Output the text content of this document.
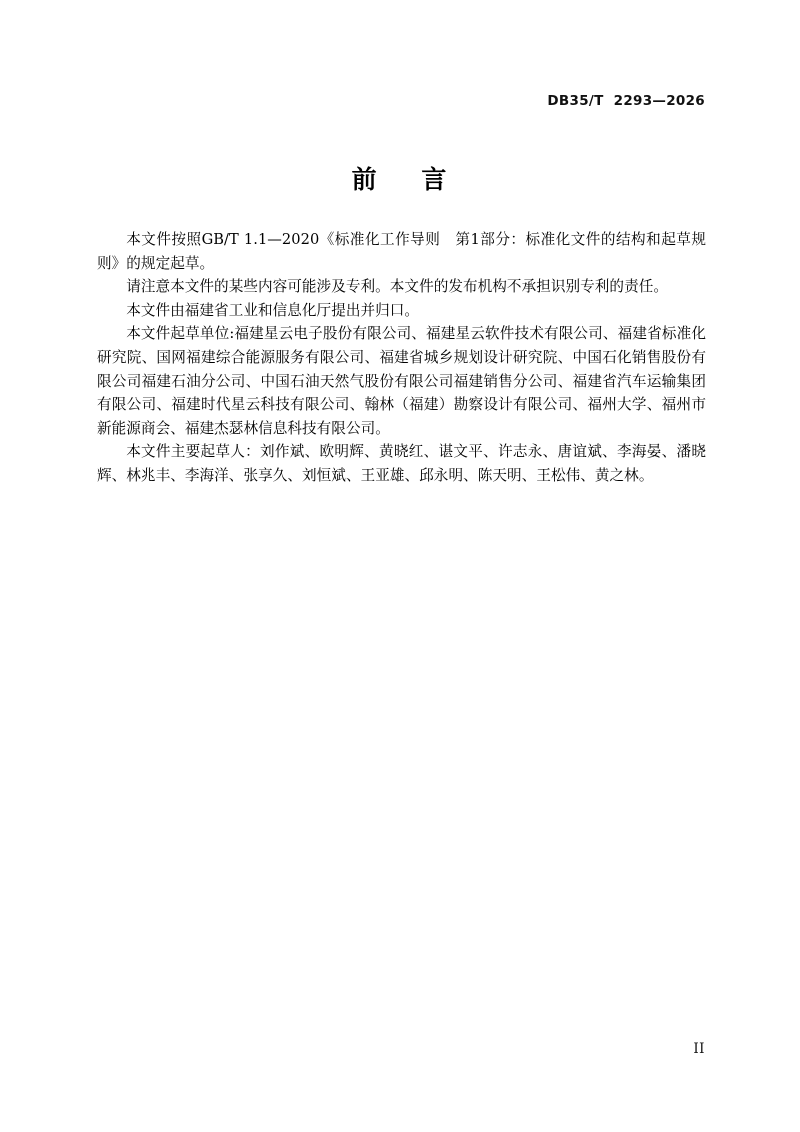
DB35/T  2293—2026
前    言

本文件按照GB/T 1.1—2020《标准化工作导则　第1部分：标准化文件的结构和起草规则》的规定起草。

请注意本文件的某些内容可能涉及专利。本文件的发布机构不承担识别专利的责任。

本文件由福建省工业和信息化厅提出并归口。

本文件起草单位:福建星云电子股份有限公司、福建星云软件技术有限公司、福建省标准化研究院、国网福建综合能源服务有限公司、福建省城乡规划设计研究院、中国石化销售股份有限公司福建石油分公司、中国石油天然气股份有限公司福建销售分公司、福建省汽车运输集团有限公司、福建时代星云科技有限公司、翰林（福建）勘察设计有限公司、福州大学、福州市新能源商会、福建杰瑟林信息科技有限公司。

本文件主要起草人：刘作斌、欧明辉、黄晓红、谌文平、许志永、唐谊斌、李海晏、潘晓辉、林兆丰、李海洋、张享久、刘恒斌、王亚雄、邱永明、陈天明、王松伟、黄之林。

II
